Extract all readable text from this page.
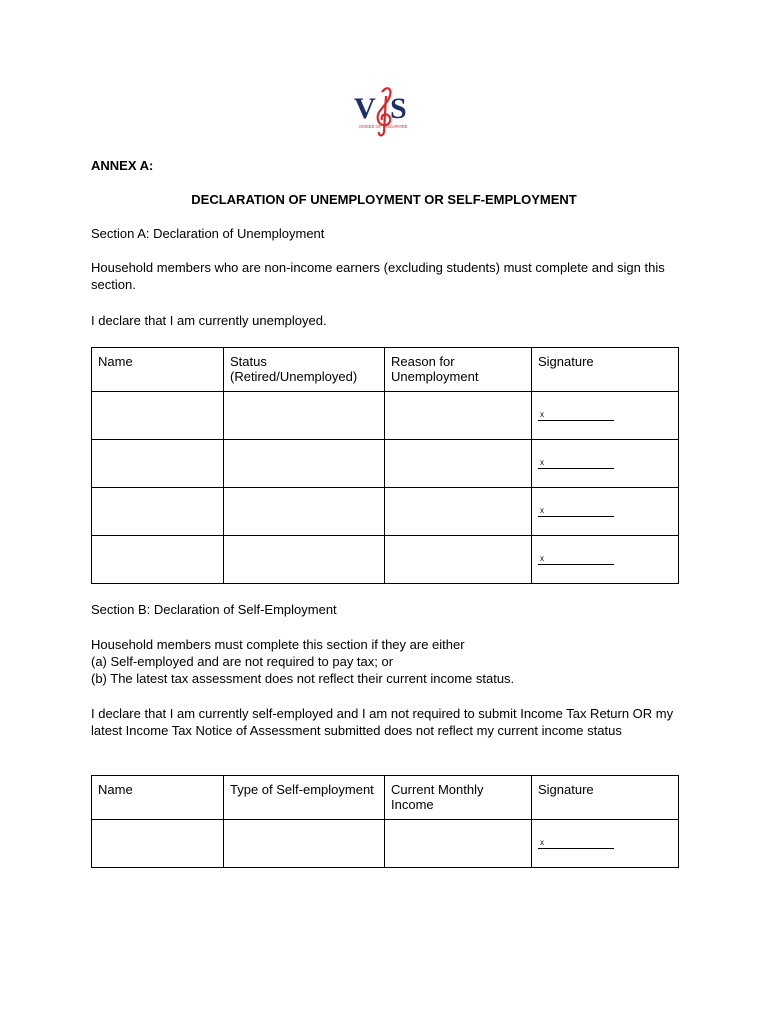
V S
VOICES OF SINGAPORE

ANNEX A:

DECLARATION OF UNEMPLOYMENT OR SELF-EMPLOYMENT

Section A: Declaration of Unemployment

Household members who are non-income earners (excluding students) must complete and sign this section.

I declare that I am currently unemployed.

Name	Status (Retired/Unemployed)	Reason for Unemployment	Signature
			x
			x
			x
			x

Section B: Declaration of Self-Employment

Household members must complete this section if they are either

(a) Self-employed and are not required to pay tax; or

(b) The latest tax assessment does not reflect their current income status.

I declare that I am currently self-employed and I am not required to submit Income Tax Return OR my latest Income Tax Notice of Assessment submitted does not reflect my current income status

Name	Type of Self-employment	Current Monthly Income	Signature
			x
